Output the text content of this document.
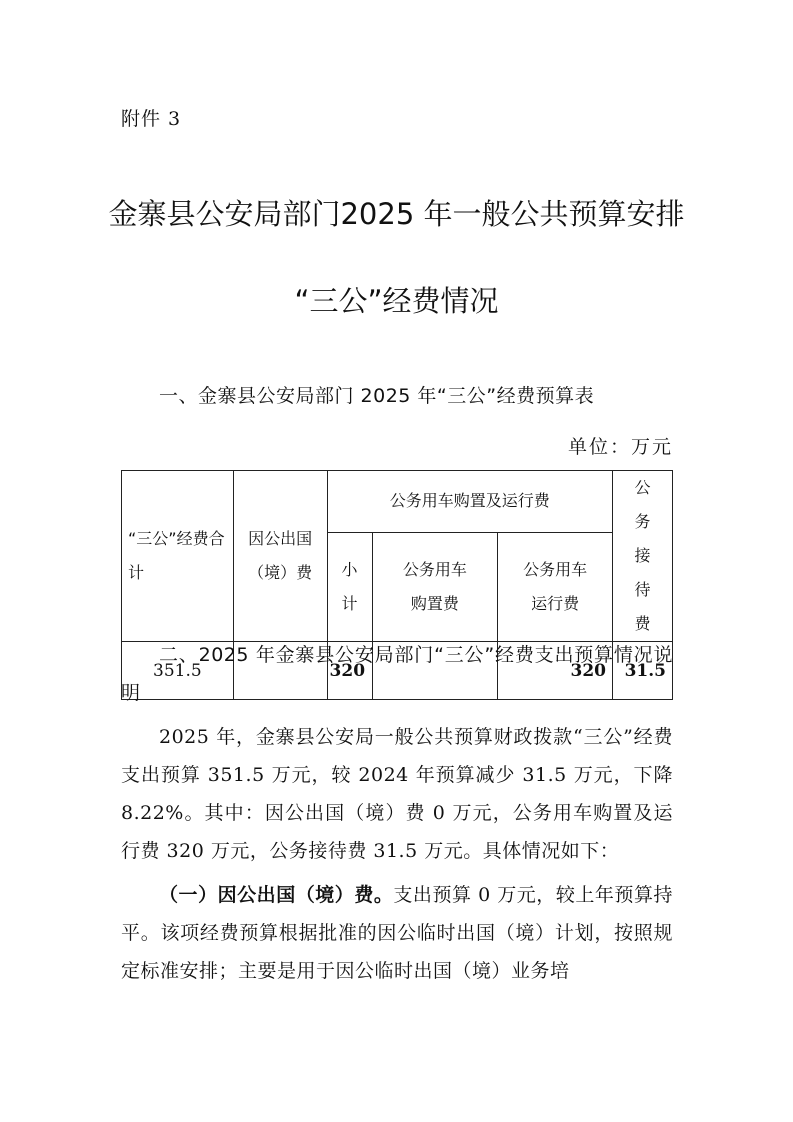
附件 3
金寨县公安局部门2025 年一般公共预算安排
“三公”经费情况
一、金寨县公安局部门 2025 年“三公”经费预算表
单位：万元
“三公”经费合计	因公出国（境）费	公务用车购置及运行费			公务接待费
		小计	公务用车购置费	公务用车运行费	
351.5		320		320	31.5
二、2025 年金寨县公安局部门“三公”经费支出预算情况说明
2025 年，金寨县公安局一般公共预算财政拨款“三公”经费支出预算 351.5 万元，较 2024 年预算减少 31.5 万元，下降 8.22%。其中：因公出国（境）费 0 万元，公务用车购置及运行费 320 万元，公务接待费 31.5 万元。具体情况如下：
（一）因公出国（境）费。支出预算 0 万元，较上年预算持平。该项经费预算根据批准的因公临时出国（境）计划，按照规定标准安排；主要是用于因公临时出国（境）业务培
